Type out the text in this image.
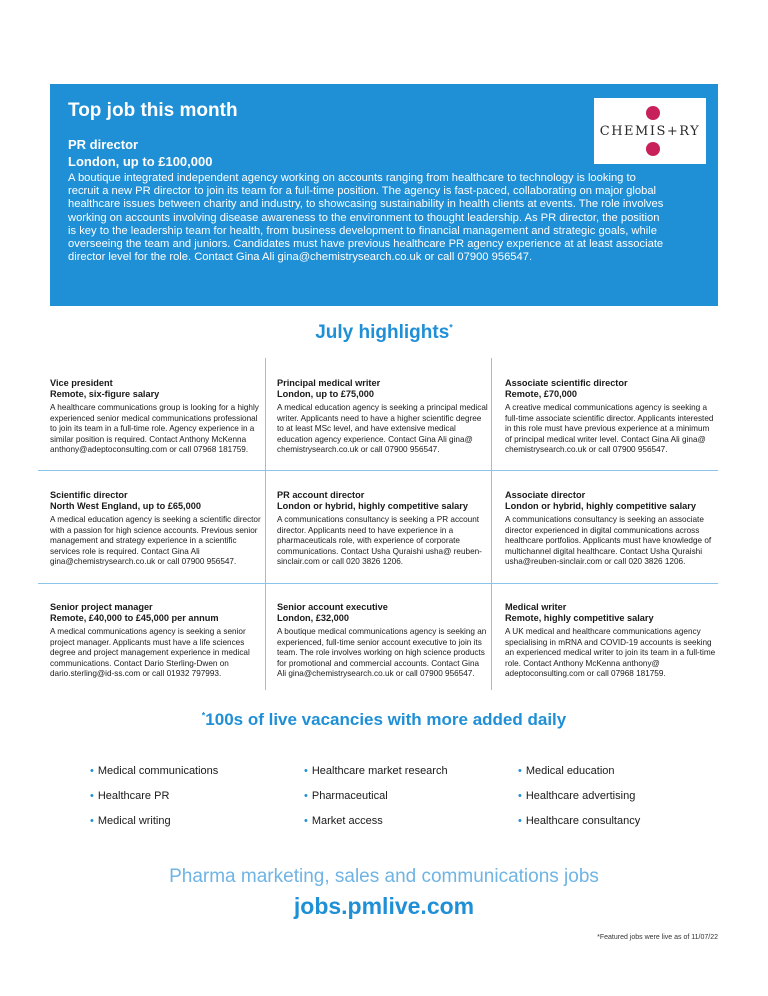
Top job this month
PR director
London, up to £100,000
A boutique integrated independent agency working on accounts ranging from healthcare to technology is looking to recruit a new PR director to join its team for a full-time position. The agency is fast-paced, collaborating on major global healthcare issues between charity and industry, to showcasing sustainability in health clients at events. The role involves working on accounts involving disease awareness to the environment to thought leadership. As PR director, the position is key to the leadership team for health, from business development to financial management and strategic goals, while overseeing the team and juniors. Candidates must have previous healthcare PR agency experience at at least associate director level for the role. Contact Gina Ali gina@chemistrysearch.co.uk or call 07900 956547.
CHEMIS+RY
July highlights*
Vice president
Remote, six-figure salary
A healthcare communications group is looking for a highly experienced senior medical communications professional to join its team in a full-time role. Agency experience in a similar position is required. Contact Anthony McKenna anthony@adeptoconsulting.com or call 07968 181759.
Principal medical writer
London, up to £75,000
A medical education agency is seeking a principal medical writer. Applicants need to have a higher scientific degree to at least MSc level, and have extensive medical education agency experience. Contact Gina Ali gina@ chemistrysearch.co.uk or call 07900 956547.
Associate scientific director
Remote, £70,000
A creative medical communications agency is seeking a full-time associate scientific director. Applicants interested in this role must have previous experience at a minimum of principal medical writer level. Contact Gina Ali gina@ chemistrysearch.co.uk or call 07900 956547.
Scientific director
North West England, up to £65,000
A medical education agency is seeking a scientific director with a passion for high science accounts. Previous senior management and strategy experience in a scientific services role is required. Contact Gina Ali gina@chemistrysearch.co.uk or call 07900 956547.
PR account director
London or hybrid, highly competitive salary
A communications consultancy is seeking a PR account director. Applicants need to have experience in a pharmaceuticals role, with experience of corporate communications. Contact Usha Quraishi usha@ reuben-sinclair.com or call 020 3826 1206.
Associate director
London or hybrid, highly competitive salary
A communications consultancy is seeking an associate director experienced in digital communications across healthcare portfolios. Applicants must have knowledge of multichannel digital healthcare. Contact Usha Quraishi usha@reuben-sinclair.com or call 020 3826 1206.
Senior project manager
Remote, £40,000 to £45,000 per annum
A medical communications agency is seeking a senior project manager. Applicants must have a life sciences degree and project management experience in medical communications. Contact Dario Sterling-Dwen on dario.sterling@id-ss.com or call 01932 797993.
Senior account executive
London, £32,000
A boutique medical communications agency is seeking an experienced, full-time senior account executive to join its team. The role involves working on high science products for promotional and commercial accounts. Contact Gina Ali gina@chemistrysearch.co.uk or call 07900 956547.
Medical writer
Remote, highly competitive salary
A UK medical and healthcare communications agency specialising in mRNA and COVID-19 accounts is seeking an experienced medical writer to join its team in a full-time role. Contact Anthony McKenna anthony@ adeptoconsulting.com or call 07968 181759.
*100s of live vacancies with more added daily
• Medical communications
• Healthcare PR
• Medical writing
• Healthcare market research
• Pharmaceutical
• Market access
• Medical education
• Healthcare advertising
• Healthcare consultancy
Pharma marketing, sales and communications jobs
jobs.pmlive.com
*Featured jobs were live as of 11/07/22
